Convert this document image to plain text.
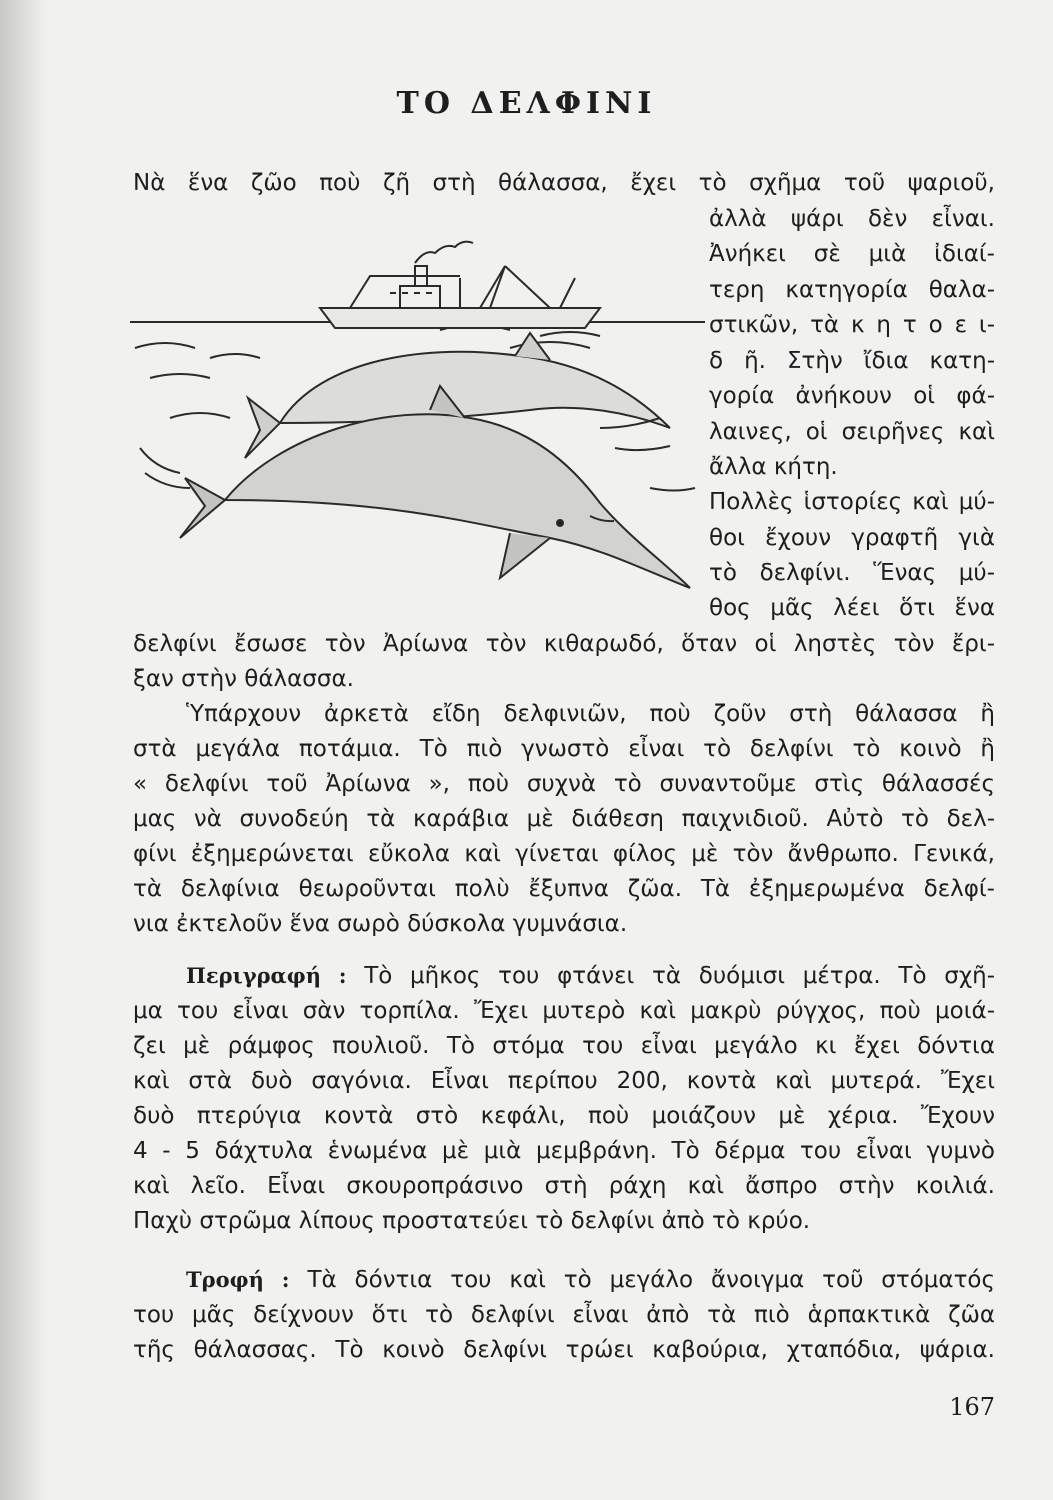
ΤΟ ΔΕΛΦΙΝΙ
Νὰ ἕνα ζῶο ποὺ ζῆ στὴ θάλασσα, ἔχει τὸ σχῆμα τοῦ ψαριοῦ,
ἀλλὰ ψάρι δὲν εἶναι.
Ἀνήκει σὲ μιὰ ἰδιαί-
τερη κατηγορία θαλα-
στικῶν, τὰ κ η τ ο ε ι-
δ ῆ. Στὴν ἴδια κατη-
γορία ἀνήκουν οἱ φά-
λαινες, οἱ σειρῆνες καὶ
ἄλλα κήτη.
Πολλὲς ἱστορίες καὶ μύ-
θοι ἔχουν γραφτῆ γιὰ
τὸ δελφίνι. Ἕνας μύ-
θος μᾶς λέει ὅτι ἕνα
δελφίνι ἔσωσε τὸν Ἀρίωνα τὸν κιθαρωδό, ὅταν οἱ ληστὲς τὸν ἔρι-
ξαν στὴν θάλασσα.
Ὑπάρχουν ἀρκετὰ εἴδη δελφινιῶν, ποὺ ζοῦν στὴ θάλασσα ἢ
στὰ μεγάλα ποτάμια. Τὸ πιὸ γνωστὸ εἶναι τὸ δελφίνι τὸ κοινὸ ἢ
« δελφίνι τοῦ Ἀρίωνα », ποὺ συχνὰ τὸ συναντοῦμε στὶς θάλασσές
μας νὰ συνοδεύη τὰ καράβια μὲ διάθεση παιχνιδιοῦ. Αὐτὸ τὸ δελ-
φίνι ἐξημερώνεται εὔκολα καὶ γίνεται φίλος μὲ τὸν ἄνθρωπο. Γενικά,
τὰ δελφίνια θεωροῦνται πολὺ ἔξυπνα ζῶα. Τὰ ἐξημερωμένα δελφί-
νια ἐκτελοῦν ἕνα σωρὸ δύσκολα γυμνάσια.
Περιγραφή : Τὸ μῆκος του φτάνει τὰ δυόμισι μέτρα. Τὸ σχῆ-
μα του εἶναι σὰν τορπίλα. Ἔχει μυτερὸ καὶ μακρὺ ρύγχος, ποὺ μοιά-
ζει μὲ ράμφος πουλιοῦ. Τὸ στόμα του εἶναι μεγάλο κι ἔχει δόντια
καὶ στὰ δυὸ σαγόνια. Εἶναι περίπου 200, κοντὰ καὶ μυτερά. Ἔχει
δυὸ πτερύγια κοντὰ στὸ κεφάλι, ποὺ μοιάζουν μὲ χέρια. Ἔχουν
4 - 5 δάχτυλα ἑνωμένα μὲ μιὰ μεμβράνη. Τὸ δέρμα του εἶναι γυμνὸ
καὶ λεῖο. Εἶναι σκουροπράσινο στὴ ράχη καὶ ἄσπρο στὴν κοιλιά.
Παχὺ στρῶμα λίπους προστατεύει τὸ δελφίνι ἀπὸ τὸ κρύο.
Τροφή : Τὰ δόντια του καὶ τὸ μεγάλο ἄνοιγμα τοῦ στόματός
του μᾶς δείχνουν ὅτι τὸ δελφίνι εἶναι ἀπὸ τὰ πιὸ ἁρπακτικὰ ζῶα
τῆς θάλασσας. Τὸ κοινὸ δελφίνι τρώει καβούρια, χταπόδια, ψάρια.
167
